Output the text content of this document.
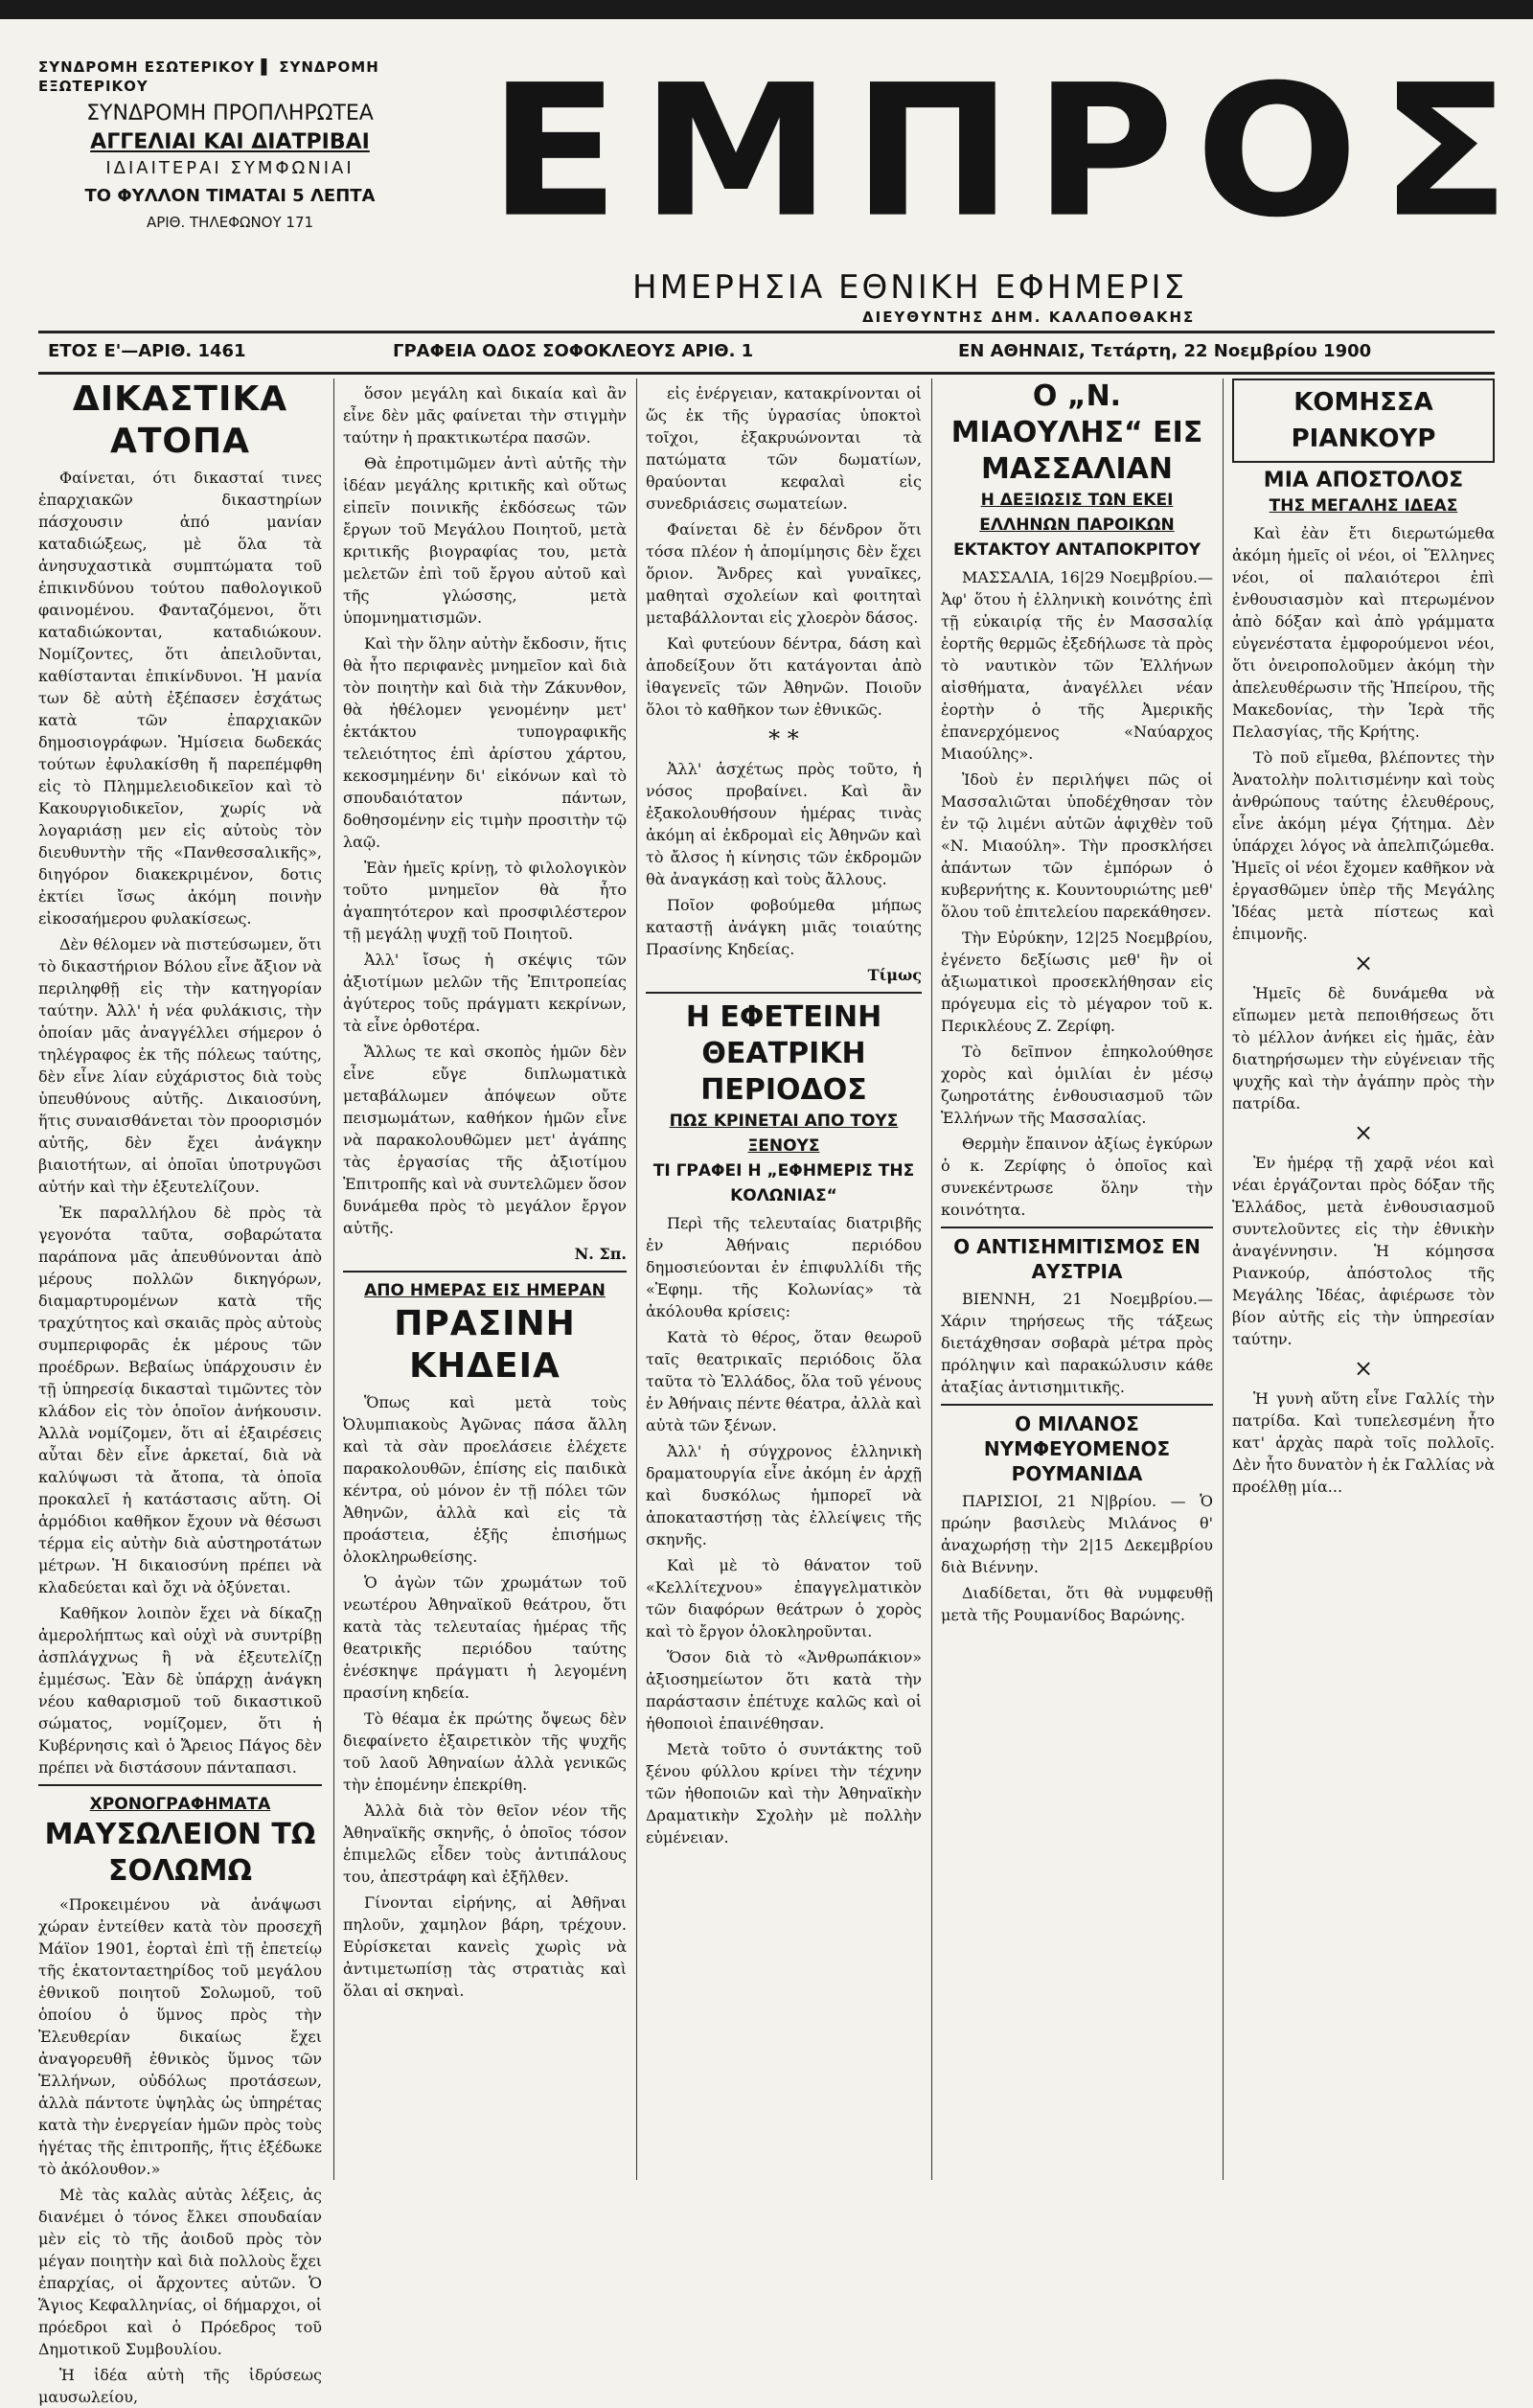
ΣΥΝΔΡΟΜΗ ΕΣΩΤΕΡΙΚΟΥ ▌ ΣΥΝΔΡΟΜΗ ΕΞΩΤΕΡΙΚΟΥ
ΣΥΝΔΡΟΜΗ ΠΡΟΠΛΗΡΩΤΕΑ
ΑΓΓΕΛΙΑΙ ΚΑΙ ΔΙΑΤΡΙΒΑΙ
ΙΔΙΑΙΤΕΡΑΙ ΣΥΜΦΩΝΙΑΙ
ΤΟ ΦΥΛΛΟΝ ΤΙΜΑΤΑΙ 5 ΛΕΠΤΑ
ΑΡΙΘ. ΤΗΛΕΦΩΝΟΥ 171 ΕΜΠΡΟΣ
ΗΜΕΡΗΣΙΑ ΕΘΝΙΚΗ ΕΦΗΜΕΡΙΣ
ΔΙΕΥΘΥΝΤΗΣ ΔΗΜ. ΚΑΛΑΠΟΘΑΚΗΣ
ΕΤΟΣ Ε'—ΑΡΙΘ. 1461	ΓΡΑΦΕΙΑ ΟΔΟΣ ΣΟΦΟΚΛΕΟΥΣ ΑΡΙΘ. 1	ΕΝ ΑΘΗΝΑΙΣ, Τετάρτη, 22 Νοεμβρίου 1900
ΔΙΚΑΣΤΙΚΑ ΑΤΟΠΑ
Φαίνεται, ότι δικασταί τινες ἐπαρχιακῶν δικαστηρίων πάσχουσιν ἀπό μανίαν καταδιώξεως, μὲ ὅλα τὰ ἀνησυχαστικὰ συμπτώματα τοῦ ἐπικινδύνου τούτου παθολογικοῦ φαινομένου. Φανταζόμενοι, ὅτι καταδιώκονται, καταδιώκουν. Νομίζοντες, ὅτι ἀπειλοῦνται, καθίστανται ἐπικίνδυνοι. Ἡ μανία των δὲ αὐτὴ ἐξέπασεν ἐσχάτως κατὰ τῶν ἐπαρχιακῶν δημοσιογράφων. Ἡμίσεια δωδεκάς τούτων ἐφυλακίσθη ἤ παρεπέμφθη εἰς τὸ Πλημμελειοδικεῖον καὶ τὸ Κακουργιοδικεῖον, χωρίς νὰ λογαριάσῃ μεν εἰς αὐτοὺς τὸν διευθυντὴν τῆς «Πανθεσσαλικῆς», διηγόρον διακεκριμένον, δοτις ἐκτίει ἴσως ἀκόμη ποινὴν εἰκοσαήμερου φυλακίσεως.
Δὲν θέλομεν νὰ πιστεύσωμεν, ὅτι τὸ δικαστήριον Βόλου εἶνε ἄξιον νὰ περιληφθῇ εἰς τὴν κατηγορίαν ταύτην. Ἀλλ' ἡ νέα φυλάκισις, τὴν ὁποίαν μᾶς ἀναγγέλλει σήμερον ὁ τηλέγραφος ἐκ τῆς πόλεως ταύτης, δὲν εἶνε λίαν εὐχάριστος διὰ τοὺς ὑπευθύνους αὐτῆς. Δικαιοσύνη, ἥτις συναισθάνεται τὸν προορισμόν αὐτῆς, δὲν ἔχει ἀνάγκην βιαιοτήτων, αἱ ὁποῖαι ὑποτρυγῶσι αὐτήν καὶ τὴν ἐξευτελίζουν.
Ἐκ παραλλήλου δὲ πρὸς τὰ γεγονότα ταῦτα, σοβαρώτατα παράπονα μᾶς ἀπευθύνονται ἀπὸ μέρους πολλῶν δικηγόρων, διαμαρτυρομένων κατὰ τῆς τραχύτητος καὶ σκαιᾶς πρὸς αὐτοὺς συμπεριφορᾶς ἐκ μέρους τῶν προέδρων. Βεβαίως ὑπάρχουσιν ἐν τῇ ὑπηρεσίᾳ δικασταὶ τιμῶντες τὸν κλάδον εἰς τὸν ὁποῖον ἀνήκουσιν. Ἀλλὰ νομίζομεν, ὅτι αἱ ἐξαιρέσεις αὗται δὲν εἶνε ἀρκεταί, διὰ νὰ καλύψωσι τὰ ἄτοπα, τὰ ὁποῖα προκαλεῖ ἡ κατάστασις αὕτη. Οἱ ἁρμόδιοι καθῆκον ἔχουν νὰ θέσωσι τέρμα εἰς αὐτὴν διὰ αὐστηροτάτων μέτρων. Ἡ δικαιοσύνη πρέπει νὰ κλαδεύεται καὶ ὄχι νὰ ὀξύνεται.
Καθῆκον λοιπὸν ἔχει νὰ δίκαζῃ ἀμερολήπτως καὶ οὐχὶ νὰ συντρίβῃ ἀσπλάγχνως ἢ νὰ ἐξευτελίζῃ ἐμμέσως. Ἐὰν δὲ ὑπάρχῃ ἀνάγκη νέου καθαρισμοῦ τοῦ δικαστικοῦ σώματος, νομίζομεν, ὅτι ἡ Κυβέρνησις καὶ ὁ Ἄρειος Πάγος δὲν πρέπει νὰ διστάσουν πάνταπασι.
ΧΡΟΝΟΓΡΑΦΗΜΑΤΑ
ΜΑΥΣΩΛΕΙΟΝ ΤΩ ΣΟΛΩΜΩ
«Προκειμένου νὰ ἀνάψωσι χώραν ἐντείθεν κατὰ τὸν προσεχῆ Μάϊον 1901, ἑορταὶ ἐπὶ τῇ ἐπετείῳ τῆς ἑκατονταετηρίδος τοῦ μεγάλου ἐθνικοῦ ποιητοῦ Σολωμοῦ, τοῦ ὁποίου ὁ ὕμνος πρὸς τὴν Ἐλευθερίαν δικαίως ἔχει ἀναγορευθῆ ἐθνικὸς ὕμνος τῶν Ἑλλήνων, οὐδόλως προτάσεων, ἀλλὰ πάντοτε ὑψηλὰς ὡς ὑπηρέτας κατὰ τὴν ἐνεργείαν ἡμῶν πρὸς τοὺς ἡγέτας τῆς ἐπιτροπῆς, ἥτις ἐξέδωκε τὸ ἀκόλουθον.»
Μὲ τὰς καλὰς αὐτὰς λέξεις, ἀς διανέμει ὁ τόνος ἔλκει σπουδαίαν μὲν εἰς τὸ τῆς ἀοιδοῦ πρὸς τὸν μέγαν ποιητὴν καὶ διὰ πολλοὺς ἔχει ἐπαρχίας, οἱ ἄρχοντες αὐτῶν. Ὁ Ἅγιος Κεφαλληνίας, οἱ δήμαρχοι, οἱ πρόεδροι καὶ ὁ Πρόεδρος τοῦ Δημοτικοῦ Συμβουλίου.
Ἡ ἰδέα αὐτὴ τῆς ἱδρύσεως μαυσωλείου,
ὅσον μεγάλη καὶ δικαία καὶ ἂν εἶνε δὲν μᾶς φαίνεται τὴν στιγμὴν ταύτην ἡ πρακτικωτέρα πασῶν.
Θὰ ἐπροτιμῶμεν ἀντὶ αὐτῆς τὴν ἰδέαν μεγάλης κριτικῆς καὶ οὕτως εἰπεῖν ποινικῆς ἐκδόσεως τῶν ἔργων τοῦ Μεγάλου Ποιητοῦ, μετὰ κριτικῆς βιογραφίας του, μετὰ μελετῶν ἐπὶ τοῦ ἔργου αὐτοῦ καὶ τῆς γλώσσης, μετὰ ὑπομνηματισμῶν.
Καὶ τὴν ὅλην αὐτὴν ἔκδοσιν, ἥτις θὰ ἦτο περιφανὲς μνημεῖον καὶ διὰ τὸν ποιητὴν καὶ διὰ τὴν Ζάκυνθον, θὰ ἠθέλομεν γενομένην μετ' ἐκτάκτου τυπογραφικῆς τελειότητος ἐπὶ ἀρίστου χάρτου, κεκοσμημένην δι' εἰκόνων καὶ τὸ σπουδαιότατον πάντων, δοθησομένην εἰς τιμὴν προσιτὴν τῷ λαῷ.
Ἐὰν ἡμεῖς κρίνῃ, τὸ φιλολογικὸν τοῦτο μνημεῖον θὰ ἦτο ἀγαπητότερον καὶ προσφιλέστερον τῇ μεγάλῃ ψυχῇ τοῦ Ποιητοῦ.
Ἀλλ' ἴσως ἡ σκέψις τῶν ἀξιοτίμων μελῶν τῆς Ἐπιτροπείας ἀγύτερος τοῦς πράγματι κεκρίνων, τὰ εἶνε ὀρθοτέρα.
Ἄλλως τε καὶ σκοπὸς ἡμῶν δὲν εἶνε εὔγε διπλωματικὰ μεταβάλωμεν ἀπόψεων οὔτε πεισμωμάτων, καθήκον ἡμῶν εἶνε νὰ παρακολουθῶμεν μετ' ἀγάπης τὰς ἐργασίας τῆς ἀξιοτίμου Ἐπιτροπῆς καὶ νὰ συντελῶμεν ὅσον δυνάμεθα πρὸς τὸ μεγάλον ἔργον αὐτῆς.
Ν. Σπ.
ΑΠΟ ΗΜΕΡΑΣ ΕΙΣ ΗΜΕΡΑΝ
ΠΡΑΣΙΝΗ ΚΗΔΕΙΑ
Ὅπως καὶ μετὰ τοὺς Ὀλυμπιακοὺς Ἀγῶνας πάσα ἄλλη καὶ τὰ σὰν προελάσειε ἐλέχετε παρακολουθῶν, ἐπίσης εἰς παιδικὰ κέντρα, οὐ μόνον ἐν τῇ πόλει τῶν Ἀθηνῶν, ἀλλὰ καὶ εἰς τὰ προάστεια, ἐξῆς ἐπισήμως ὁλοκληρωθείσης.
Ὁ ἀγὼν τῶν χρωμάτων τοῦ νεωτέρου Ἀθηναϊκοῦ θεάτρου, ὅτι κατὰ τὰς τελευταίας ἡμέρας τῆς θεατρικῆς περιόδου ταύτης ἐνέσκηψε πράγματι ἡ λεγομένη πρασίνη κηδεία.
Τὸ θέαμα ἐκ πρώτης ὄψεως δὲν διεφαίνετο ἐξαιρετικὸν τῆς ψυχῆς τοῦ λαοῦ Ἀθηναίων ἀλλὰ γενικῶς τὴν ἑπομένην ἐπεκρίθη.
Ἀλλὰ διὰ τὸν θεῖον νέον τῆς Ἀθηναϊκῆς σκηνῆς, ὁ ὁποῖος τόσον ἐπιμελῶς εἶδεν τοὺς ἀντιπάλους του, ἀπεστράφη καὶ ἐξῆλθεν.
Γίνονται εἰρήνης, αἱ Ἀθῆναι πηλοῦν, χαμηλον βάρη, τρέχουν. Εὑρίσκεται κανεὶς χωρὶς νὰ ἀντιμετωπίσῃ τὰς στρατιὰς καὶ ὅλαι αἱ σκηναὶ.
εἰς ἐνέργειαν, κατακρίνονται οἱ ὥς ἐκ τῆς ὑγρασίας ὑποκτοὶ τοῖχοι, ἐξακρυώνονται τὰ πατώματα τῶν δωματίων, θραύονται κεφαλαὶ εἰς συνεδριάσεις σωματείων.
Φαίνεται δὲ ἐν δένδρον ὅτι τόσα πλέον ἡ ἀπομίμησις δὲν ἔχει ὅριον. Ἄνδρες καὶ γυναῖκες, μαθηταὶ σχολείων καὶ φοιτηταὶ μεταβάλλονται εἰς χλοερὸν δάσος.
Καὶ φυτεύουν δέντρα, δάση καὶ ἀποδείξουν ὅτι κατάγονται ἀπὸ ἰθαγενεῖς τῶν Ἀθηνῶν. Ποιοῦν ὅλοι τὸ καθῆκον των ἐθνικῶς.
* *
Ἀλλ' ἀσχέτως πρὸς τοῦτο, ἡ νόσος προβαίνει. Καὶ ἂν ἐξακολουθήσουν ἡμέρας τινὰς ἀκόμη αἱ ἐκδρομαὶ εἰς Ἀθηνῶν καὶ τὸ ἄλσος ἡ κίνησις τῶν ἐκδρομῶν θὰ ἀναγκάσῃ καὶ τοὺς ἄλλους.
Ποῖον φοβούμεθα μήπως καταστῇ ἀνάγκη μιᾶς τοιαύτης Πρασίνης Κηδείας.
Τίμως
Η ΕΦΕΤΕΙΝΗ ΘΕΑΤΡΙΚΗ ΠΕΡΙΟΔΟΣ
ΠΩΣ ΚΡΙΝΕΤΑΙ ΑΠΟ ΤΟΥΣ ΞΕΝΟΥΣ
ΤΙ ΓΡΑΦΕΙ Η „ΕΦΗΜΕΡΙΣ ΤΗΣ ΚΟΛΩΝΙΑΣ“
Περὶ τῆς τελευταίας διατριβῆς ἐν Ἀθήναις περιόδου δημοσιεύονται ἐν ἐπιφυλλίδι τῆς «Ἐφημ. τῆς Κολωνίας» τὰ ἀκόλουθα κρίσεις:
Κατὰ τὸ θέρος, ὅταν θεωροῦ ταῖς θεατρικαῖς περιόδοις ὅλα ταῦτα τὸ Ἑλλάδος, ὅλα τοῦ γένους ἐν Ἀθήναις πέντε θέατρα, ἀλλὰ καὶ αὐτὰ τῶν ξένων.
Ἀλλ' ἡ σύγχρονος ἑλληνικὴ δραματουργία εἶνε ἀκόμη ἐν ἀρχῇ καὶ δυσκόλως ἡμπορεῖ νὰ ἀποκαταστήσῃ τὰς ἐλλείψεις τῆς σκηνῆς.
Καὶ μὲ τὸ θάνατον τοῦ «Κελλίτεχνου» ἐπαγγελματικὸν τῶν διαφόρων θεάτρων ὁ χορὸς καὶ τὸ ἔργον ὁλοκληροῦνται.
Ὅσον διὰ τὸ «Ἀνθρωπάκιον» ἀξιοσημείωτον ὅτι κατὰ τὴν παράστασιν ἐπέτυχε καλῶς καὶ οἱ ἠθοποιοὶ ἐπαινέθησαν.
Μετὰ τοῦτο ὁ συντάκτης τοῦ ξένου φύλλου κρίνει τὴν τέχνην τῶν ἠθοποιῶν καὶ τὴν Ἀθηναϊκὴν Δραματικὴν Σχολὴν μὲ πολλὴν εὐμένειαν.
Ο „Ν. ΜΙΑΟΥΛΗΣ“ ΕΙΣ ΜΑΣΣΑΛΙΑΝ
Η ΔΕΞΙΩΣΙΣ ΤΩΝ ΕΚΕΙ ΕΛΛΗΝΩΝ ΠΑΡΟΙΚΩΝ
ΕΚΤΑΚΤΟΥ ΑΝΤΑΠΟΚΡΙΤΟΥ
ΜΑΣΣΑΛΙΑ, 16|29 Νοεμβρίου.—Ἀφ' ὅτου ἡ ἑλληνικὴ κοινότης ἐπὶ τῇ εὐκαιρίᾳ τῆς ἐν Μασσαλίᾳ ἑορτῆς θερμῶς ἐξεδήλωσε τὰ πρὸς τὸ ναυτικὸν τῶν Ἑλλήνων αἰσθήματα, ἀναγέλλει νέαν ἑορτὴν ὁ τῆς Ἀμερικῆς ἐπανερχόμενος «Ναύαρχος Μιαούλης».
Ἰδοὺ ἐν περιλήψει πῶς οἱ Μασσαλιῶται ὑποδέχθησαν τὸν ἐν τῷ λιμένι αὐτῶν ἀφιχθὲν τοῦ «Ν. Μιαούλη». Τὴν προσκλήσει ἀπάντων τῶν ἐμπόρων ὁ κυβερνήτης κ. Κουντουριώτης μεθ' ὅλου τοῦ ἐπιτελείου παρεκάθησεν.
Τὴν Εὐρύκην, 12|25 Νοεμβρίου, ἐγένετο δεξίωσις μεθ' ἣν οἱ ἀξιωματικοὶ προσεκλήθησαν εἰς πρόγευμα εἰς τὸ μέγαρον τοῦ κ. Περικλέους Ζ. Ζερίφη.
Τὸ δεῖπνον ἐπηκολούθησε χορὸς καὶ ὁμιλίαι ἐν μέσῳ ζωηροτάτης ἐνθουσιασμοῦ τῶν Ἑλλήνων τῆς Μασσαλίας.
Θερμὴν ἔπαινον ἀξίως ἐγκύρων ὁ κ. Ζερίφης ὁ ὁποῖος καὶ συνεκέντρωσε ὅλην τὴν κοινότητα.
Ο ΑΝΤΙΣΗΜΙΤΙΣΜΟΣ ΕΝ ΑΥΣΤΡΙΑ
ΒΙΕΝΝΗ, 21 Νοεμβρίου.—Χάριν τηρήσεως τῆς τάξεως διετάχθησαν σοβαρὰ μέτρα πρὸς πρόληψιν καὶ παρακώλυσιν κάθε ἀταξίας ἀντισημιτικῆς.
Ο ΜΙΛΑΝΟΣ ΝΥΜΦΕΥΟΜΕΝΟΣ ΡΟΥΜΑΝΙΔΑ
ΠΑΡΙΣΙΟΙ, 21 Ν|βρίου. — Ὁ πρώην βασιλεὺς Μιλάνος θ' ἀναχωρήσῃ τὴν 2|15 Δεκεμβρίου διὰ Βιέννην.
Διαδίδεται, ὅτι θὰ νυμφευθῇ μετὰ τῆς Ρουμανίδος Βαρώνης.
ΚΟΜΗΣΣΑ ΡΙΑΝΚΟΥΡ
ΜΙΑ ΑΠΟΣΤΟΛΟΣ
ΤΗΣ ΜΕΓΑΛΗΣ ΙΔΕΑΣ
Καὶ ἐὰν ἔτι διερωτώμεθα ἀκόμη ἡμεῖς οἱ νέοι, οἱ Ἕλληνες νέοι, οἱ παλαιότεροι ἐπὶ ἐνθουσιασμὸν καὶ πτερωμένον ἀπὸ δόξαν καὶ ἀπὸ γράμματα εὐγενέστατα ἐμφορούμενοι νέοι, ὅτι ὀνειροπολοῦμεν ἀκόμη τὴν ἀπελευθέρωσιν τῆς Ἠπείρου, τῆς Μακεδονίας, τὴν Ἱερὰ τῆς Πελασγίας, τῆς Κρήτης.
Τὸ ποῦ εἴμεθα, βλέποντες τὴν Ἀνατολὴν πολιτισμένην καὶ τοὺς ἀνθρώπους ταύτης ἐλευθέρους, εἶνε ἀκόμη μέγα ζήτημα. Δὲν ὑπάρχει λόγος νὰ ἀπελπιζώμεθα. Ἡμεῖς οἱ νέοι ἔχομεν καθῆκον νὰ ἐργασθῶμεν ὑπὲρ τῆς Μεγάλης Ἰδέας μετὰ πίστεως καὶ ἐπιμονῆς.
×
Ἡμεῖς δὲ δυνάμεθα νὰ εἴπωμεν μετὰ πεποιθήσεως ὅτι τὸ μέλλον ἀνήκει εἰς ἡμᾶς, ἐὰν διατηρήσωμεν τὴν εὐγένειαν τῆς ψυχῆς καὶ τὴν ἀγάπην πρὸς τὴν πατρίδα.
×
Ἐν ἡμέρᾳ τῇ χαρᾷ νέοι καὶ νέαι ἐργάζονται πρὸς δόξαν τῆς Ἑλλάδος, μετὰ ἐνθουσιασμοῦ συντελοῦντες εἰς τὴν ἐθνικὴν ἀναγέννησιν. Ἡ κόμησσα Ριανκούρ, ἀπόστολος τῆς Μεγάλης Ἰδέας, ἀφιέρωσε τὸν βίον αὐτῆς εἰς τὴν ὑπηρεσίαν ταύτην.
×
Ἡ γυνὴ αὕτη εἶνε Γαλλίς τὴν πατρίδα. Καὶ τυπελεσμένη ἦτο κατ' ἀρχὰς παρὰ τοῖς πολλοῖς. Δὲν ἦτο δυνατὸν ἡ ἐκ Γαλλίας νὰ προέλθῃ μία...
